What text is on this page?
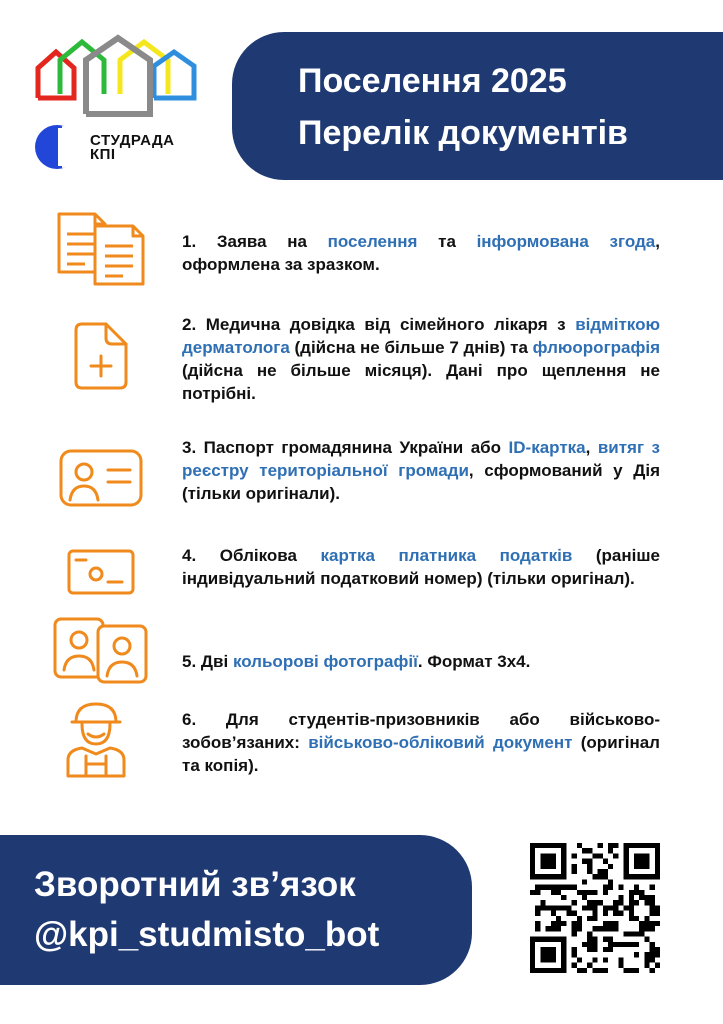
СТУДРАДА
КПІ
Поселення 2025
Перелік документів
1. Заява на поселення та інформована згода, оформлена за зразком.
2. Медична довідка від сімейного лікаря з відміткою дерматолога (дійсна не більше 7 днів) та флюорографія (дійсна не більше місяця). Дані про щеплення не потрібні.
3. Паспорт громадянина України або ID-картка, витяг з реєстру територіальної громади, сформований у Дія (тільки оригінали).
4. Облікова картка платника податків (раніше індивідуальний податковий номер) (тільки оригінал).
5. Дві кольорові фотографії. Формат 3х4.
6. Для студентів-призовників або військово-зобов’язаних: військово-обліковий документ (оригінал та копія).
Зворотний зв’язок
@kpi_studmisto_bot
